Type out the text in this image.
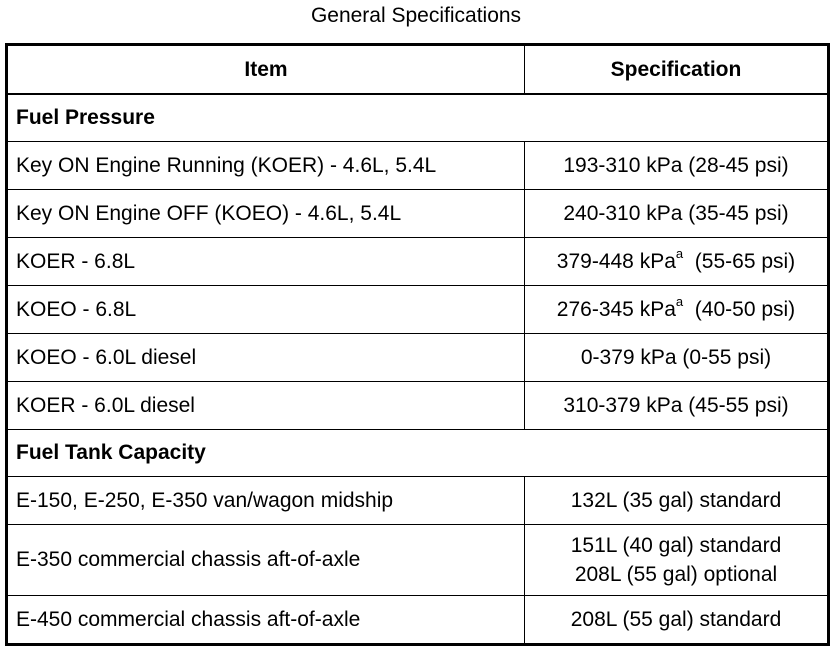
General Specifications
Item	Specification
Fuel Pressure	
Key ON Engine Running (KOER) - 4.6L, 5.4L	193-310 kPa (28-45 psi)
Key ON Engine OFF (KOEO) - 4.6L, 5.4L	240-310 kPa (35-45 psi)
KOER - 6.8L	379-448 kPa$^a$ (55-65 psi)
KOEO - 6.8L	276-345 kPa$^a$ (40-50 psi)
KOEO - 6.0L diesel	0-379 kPa (0-55 psi)
KOER - 6.0L diesel	310-379 kPa (45-55 psi)
Fuel Tank Capacity	
E-150, E-250, E-350 van/wagon midship	132L (35 gal) standard
E-350 commercial chassis aft-of-axle	151L (40 gal) standard
208L (55 gal) optional

E-450 commercial chassis aft-of-axle	208L (55 gal) standard
